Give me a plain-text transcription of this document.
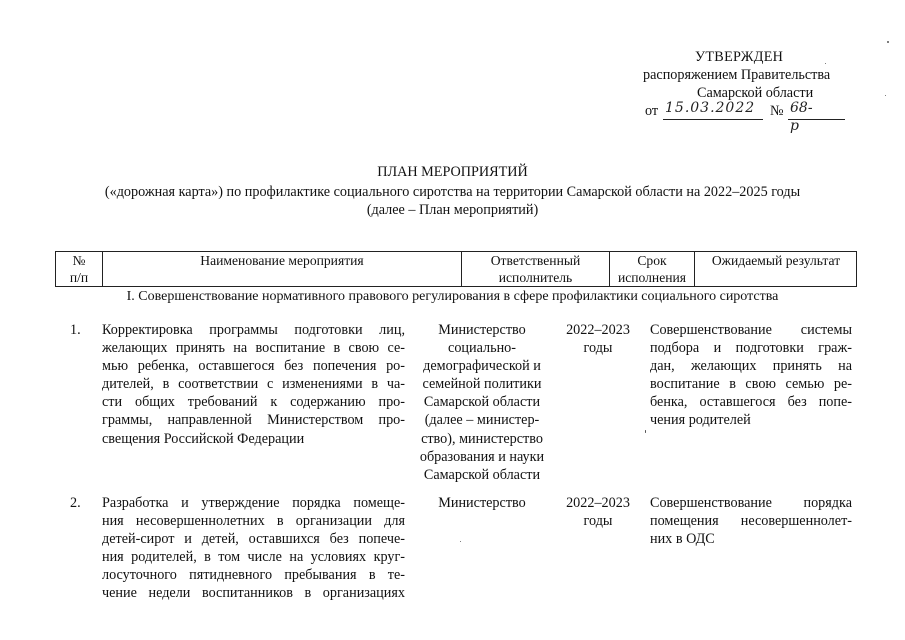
УТВЕРЖДЕН
распоряжением Правительства
Самарской области
от 15.03.2022 № 68-р
ПЛАН МЕРОПРИЯТИЙ
(«дорожная карта») по профилактике социального сиротства на территории Самарской области на 2022–2025 годы
(далее – План мероприятий)
№
п/п
Наименование мероприятия	Ответственный
исполнитель
Срок
исполнения
Ожидаемый результат
I. Совершенствование нормативного правового регулирования в сфере профилактики социального сиротства
1. Корректировка программы подготовки лиц,
желающих принять на воспитание в свою се-
мью ребенка, оставшегося без попечения ро-
дителей, в соответствии с изменениями в ча-
сти общих требований к содержанию про-
граммы, направленной Министерством про-
свещения Российской Федерации
Министерство
социально-
демографической и
семейной политики
Самарской области
(далее – министер-
ство), министерство
образования и науки
Самарской области
2022–2023
годы
Совершенствование системы
подбора и подготовки граж-
дан, желающих принять на
воспитание в свою семью ре-
бенка, оставшегося без попе-
чения родителей
2. Разработка и утверждение порядка помеще-
ния несовершеннолетних в организации для
детей-сирот и детей, оставшихся без попече-
ния родителей, в том числе на условиях круг-
лосуточного пятидневного пребывания в те-
чение недели воспитанников в организациях
Министерство	2022–2023
годы
Совершенствование порядка
помещения несовершеннолет-
них в ОДС
